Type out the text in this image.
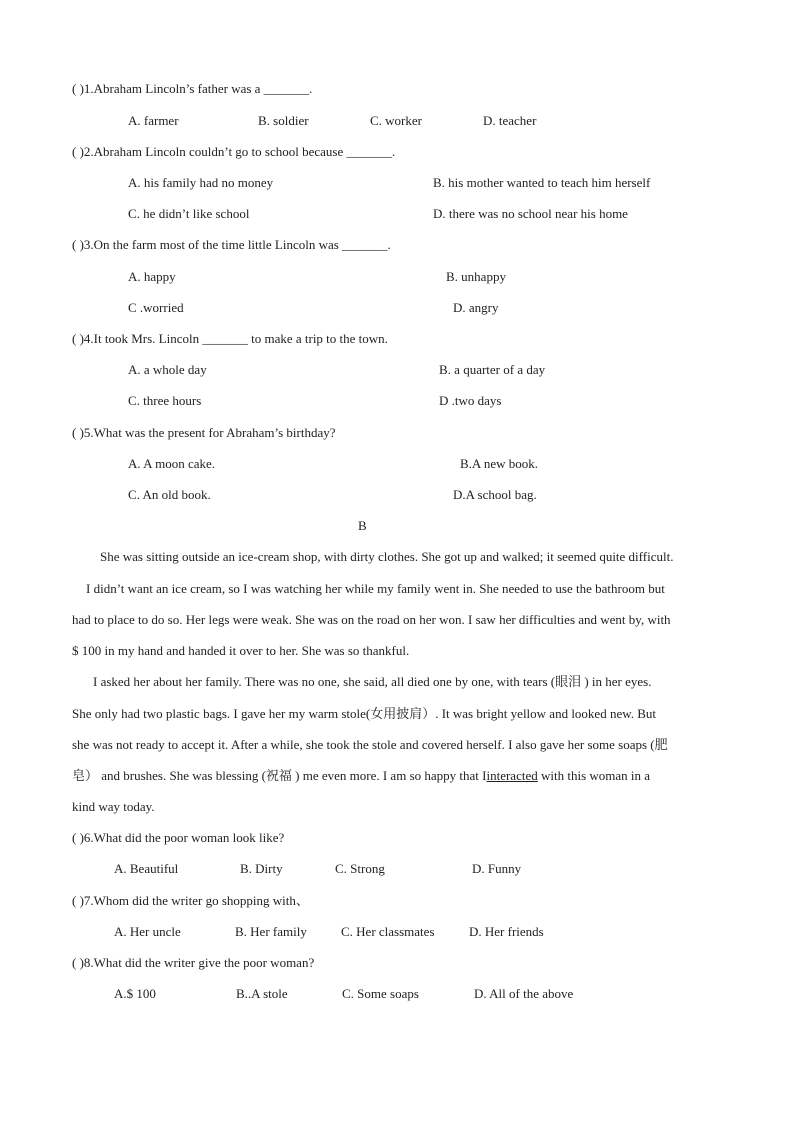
( )1.Abraham Lincoln’s father was a _______.
A. farmer	B. soldier	C. worker	D. teacher
( )2.Abraham Lincoln couldn’t go to school because _______.
A. his family had no money	B. his mother wanted to teach him herself
C. he didn’t like school	D. there was no school near his home
( )3.On the farm most of the time little Lincoln was _______.
A. happy	B. unhappy
C .worried	D. angry
( )4.It took Mrs. Lincoln _______ to make a trip to the town.
A. a whole day	B. a quarter of a day
C. three hours	D .two days
( )5.What was the present for Abraham’s birthday?
A. A moon cake.	B.A new book.
C. An old book.	D.A school bag.
B
She was sitting outside an ice-cream shop, with dirty clothes. She got up and walked; it seemed quite difficult.
I didn’t want an ice cream, so I was watching her while my family went in. She needed to use the bathroom but
had to place to do so. Her legs were weak. She was on the road on her won. I saw her difficulties and went by, with
$ 100 in my hand and handed it over to her. She was so thankful.
I asked her about her family. There was no one, she said, all died one by one, with tears (眼泪 ) in her eyes.
She only had two plastic bags. I gave her my warm stole(女用披肩）. It was bright yellow and looked new. But
she was not ready to accept it. After a while, she took the stole and covered herself. I also gave her some soaps (肥
皂） and brushes. She was blessing (祝福 ) me even more. I am so happy that Iinteracted with this woman in a
kind way today.
( )6.What did the poor woman look like?
A. Beautiful	B. Dirty	C. Strong	D. Funny
( )7.Whom did the writer go shopping with、
A. Her uncle	B. Her family	C. Her classmates	D. Her friends
( )8.What did the writer give the poor woman?
A.$ 100	B..A stole	C. Some soaps	D. All of the above
